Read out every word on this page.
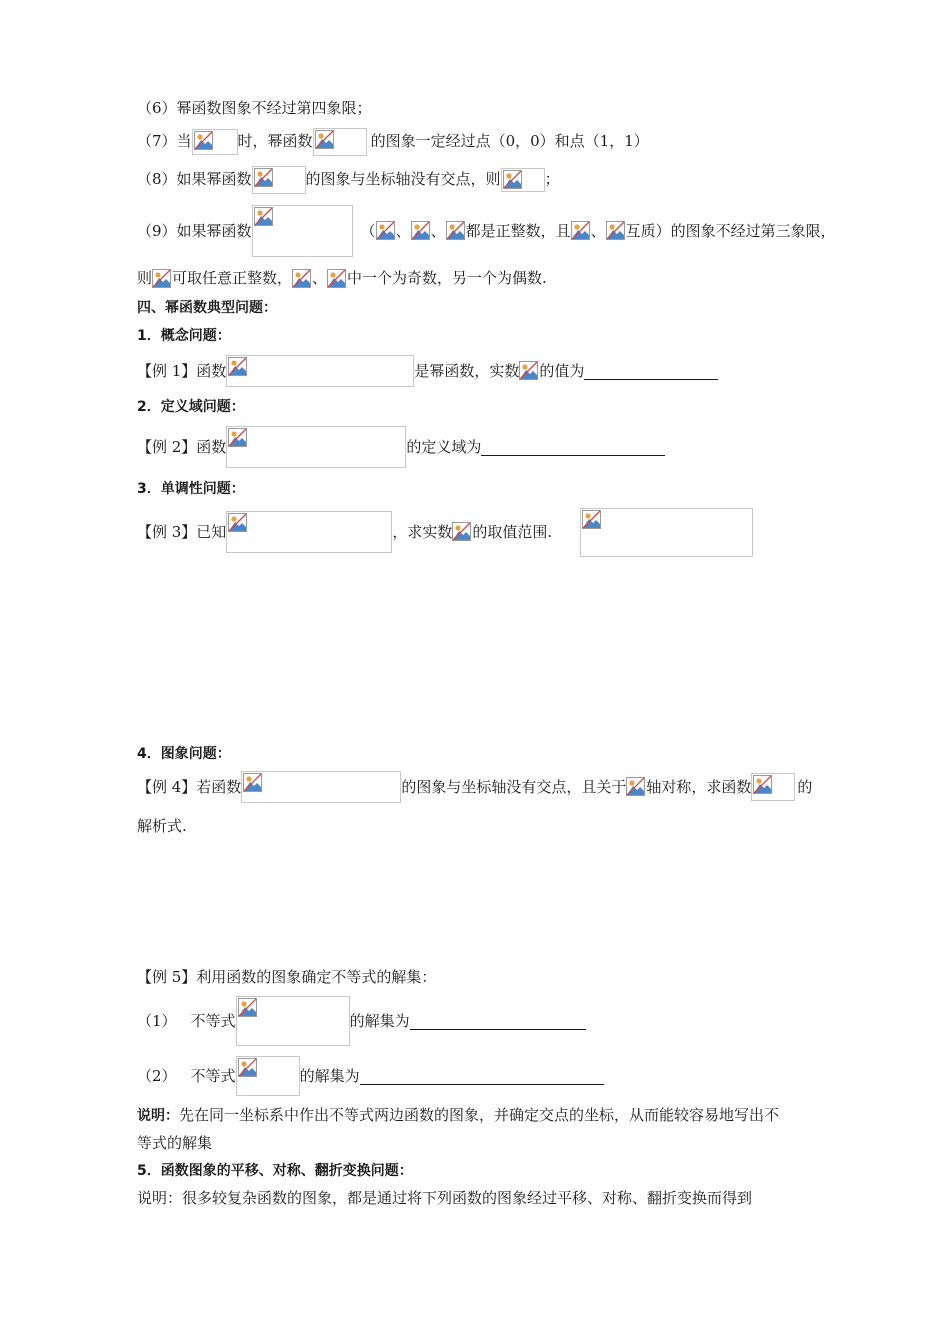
（6）幂函数图象不经过第四象限；
（7）当	时，幂函数	的图象一定经过点（0，0）和点（1，1）
（8）如果幂函数	的图象与坐标轴没有交点，则	；
（9）如果幂函数	（ 、 、 都是正整数，且 、 互质）的图象不经过第三象限，
则 可取任意正整数， 、 中一个为奇数，另一个为偶数.
四、幂函数典型问题：
1．概念问题：
【例 1】函数	是幂函数，实数 的值为
2．定义域问题：
【例 2】函数	的定义域为
3．单调性问题：
【例 3】已知	，求实数 的取值范围.
4．图象问题：
【例 4】若函数	的图象与坐标轴没有交点，且关于 轴对称，求函数	的
解析式.
【例 5】利用函数的图象确定不等式的解集：
（1） 不等式	的解集为
（2） 不等式	的解集为
说明：先在同一坐标系中作出不等式两边函数的图象，并确定交点的坐标，从而能较容易地写出不
等式的解集
5．函数图象的平移、对称、翻折变换问题：
说明：很多较复杂函数的图象，都是通过将下列函数的图象经过平移、对称、翻折变换而得到
